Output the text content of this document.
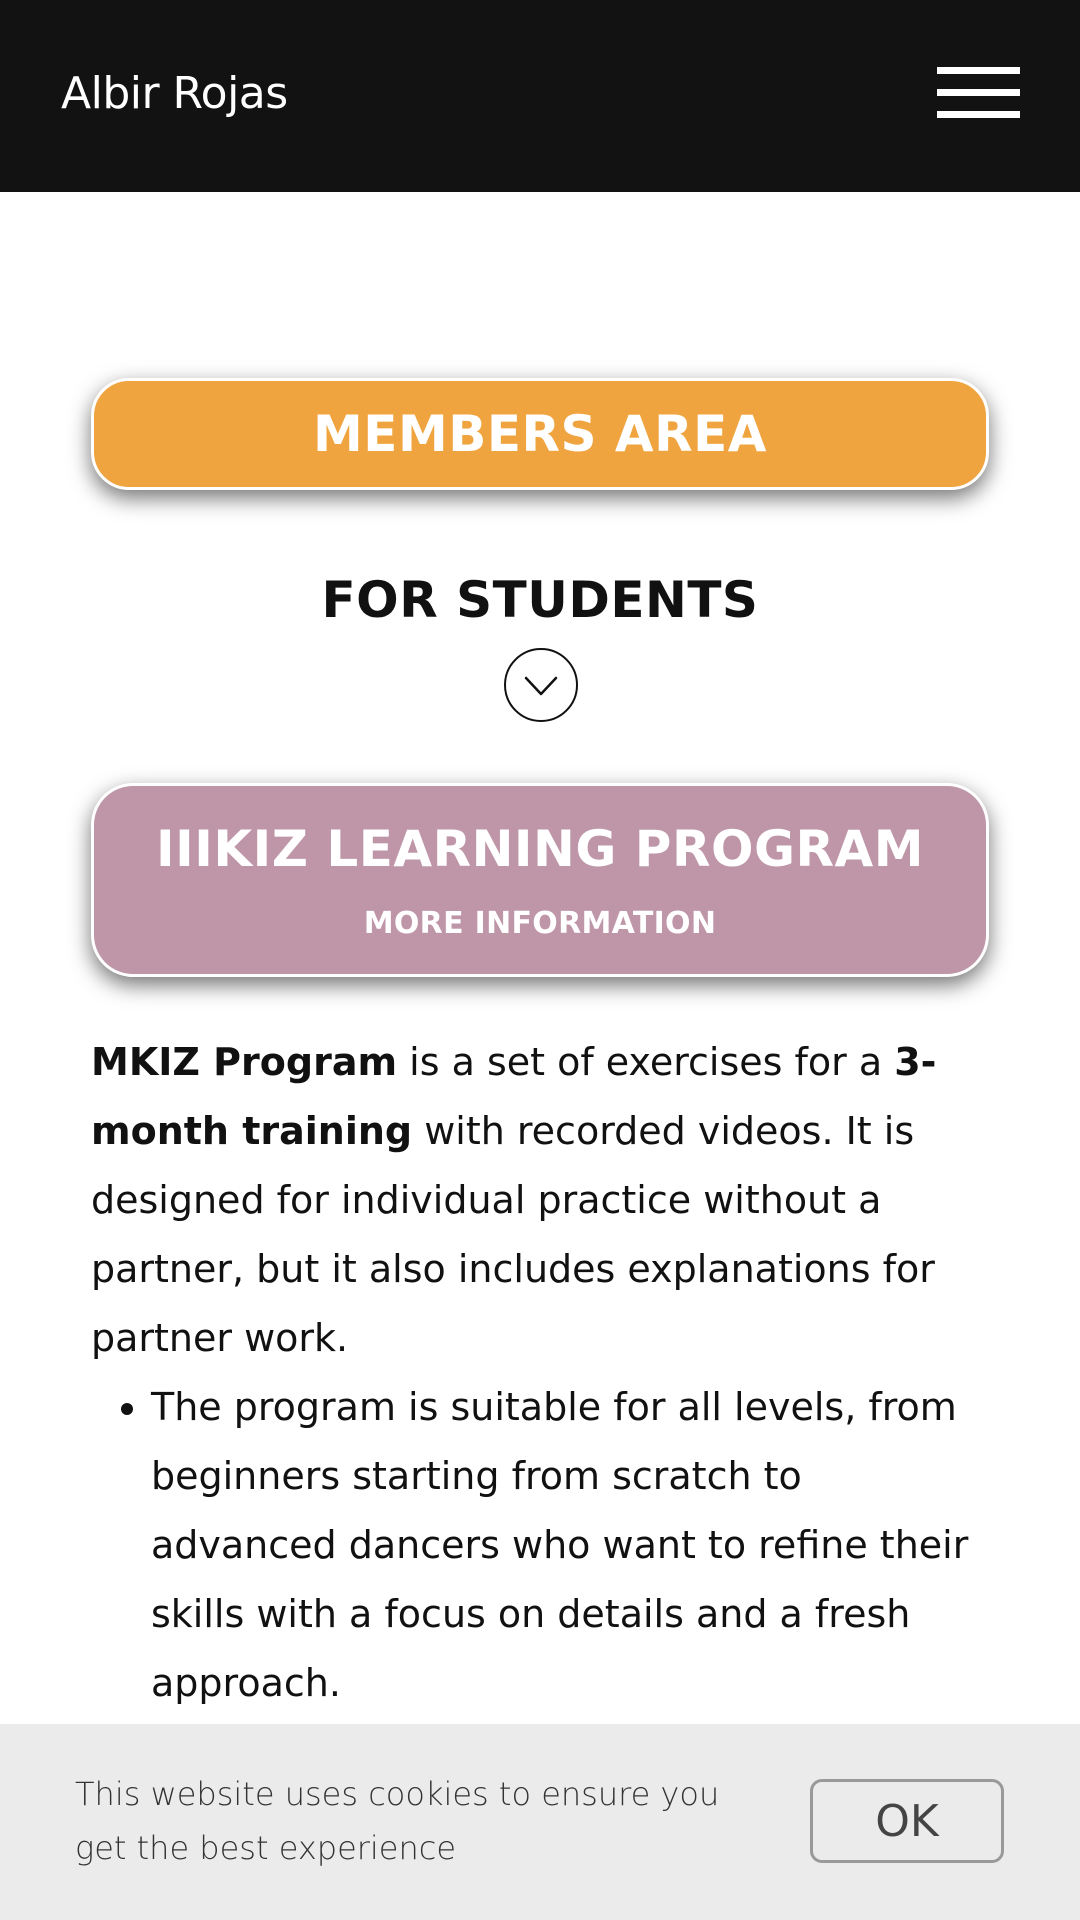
Albir Rojas
MEMBERS AREA
FOR STUDENTS
IIIKIZ LEARNING PROGRAM
MORE INFORMATION

MKIZ Program is a set of exercises for a 3-month training with recorded videos. It is designed for individual practice without a partner, but it also includes explanations for partner work.

• The program is suitable for all levels, from beginners starting from scratch to advanced dancers who want to refine their skills with a focus on details and a fresh approach.
This website uses cookies to ensure you get the best experience
OK
